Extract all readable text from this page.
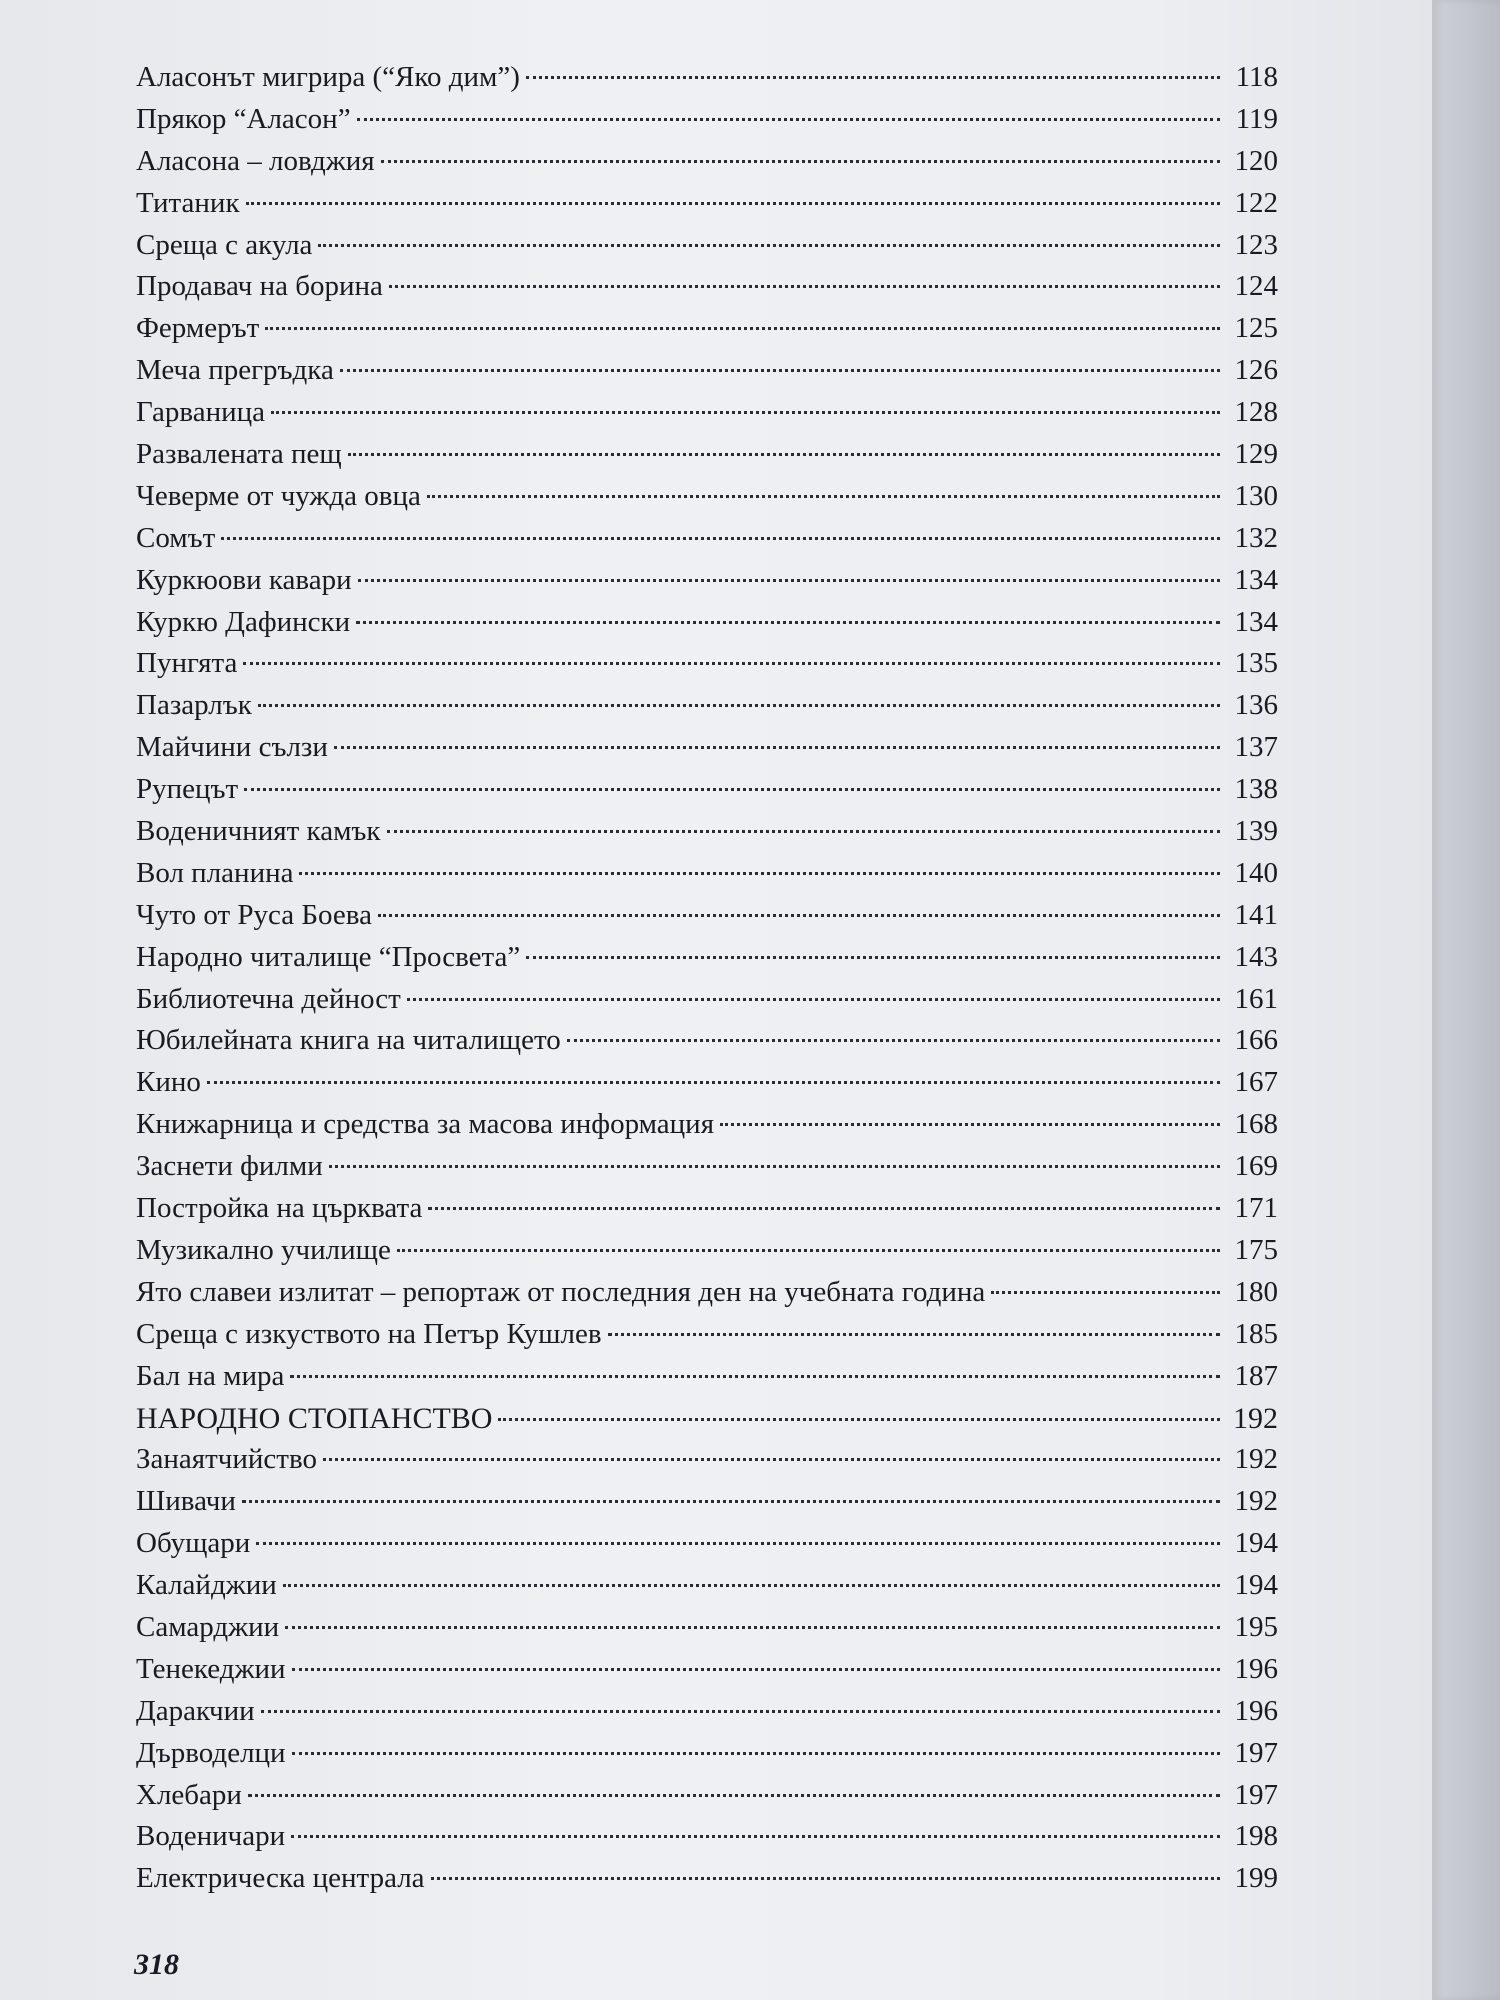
Аласонът мигрира (“Яко дим”)	118
Прякор “Аласон”	119
Аласона – ловджия	120
Титаник	122
Среща с акула	123
Продавач на борина	124
Фермерът	125
Меча прегръдка	126
Гарваница	128
Развалената пещ	129
Чеверме от чужда овца	130
Сомът	132
Куркюови кавари	134
Куркю Дафински	134
Пунгята	135
Пазарлък	136
Майчини сълзи	137
Рупецът	138
Воденичният камък	139
Вол планина	140
Чуто от Руса Боева	141
Народно читалище “Просвета”	143
Библиотечна дейност	161
Юбилейната книга на читалището	166
Кино	167
Книжарница и средства за масова информация	168
Заснети филми	169
Постройка на църквата	171
Музикално училище	175
Ято славеи излитат – репортаж от последния ден на учебната година	180
Среща с изкуството на Петър Кушлев	185
Бал на мира	187
НАРОДНО СТОПАНСТВО	192
Занаятчийство	192
Шивачи	192
Обущари	194
Калайджии	194
Самарджии	195
Тенекеджии	196
Даракчии	196
Дърводелци	197
Хлебари	197
Воденичари	198
Електрическа централа	199
318
